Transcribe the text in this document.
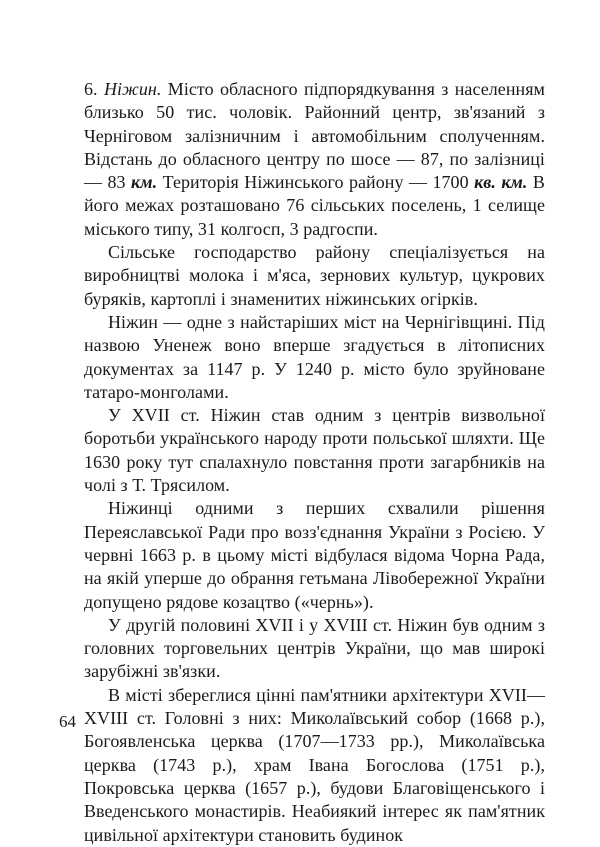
6. Ніжин. Місто обласного підпорядкування з населенням близько 50 тис. чоловік. Районний центр, зв'язаний з Черніговом залізничним і автомобільним сполученням. Відстань до обласного центру по шосе — 87, по залізниці — 83 км. Територія Ніжинського району — 1700 кв. км. В його межах розташовано 76 сільських поселень, 1 селище міського типу, 31 колгосп, 3 радгоспи.

Сільське господарство району спеціалізується на виробництві молока і м'яса, зернових культур, цукрових буряків, картоплі і знаменитих ніжинських огірків.

Ніжин — одне з найстаріших міст на Чернігівщині. Під назвою Уненеж воно вперше згадується в літописних документах за 1147 р. У 1240 р. місто було зруйноване татаро-монголами.

У XVII ст. Ніжин став одним з центрів визвольної боротьби українського народу проти польської шляхти. Ще 1630 року тут спалахнуло повстання проти загарбників на чолі з Т. Трясилом.

Ніжинці одними з перших схвалили рішення Переяславської Ради про возз'єднання України з Росією. У червні 1663 р. в цьому місті відбулася відома Чорна Рада, на якій уперше до обрання гетьмана Лівобережної України допущено рядове козацтво («чернь»).

У другій половині XVII і у XVIII ст. Ніжин був одним з головних торговельних центрів України, що мав широкі зарубіжні зв'язки.

В місті збереглися цінні пам'ятники архітектури XVII—XVIII ст. Головні з них: Миколаївський собор (1668 р.), Богоявленська церква (1707—1733 рр.), Миколаївська церква (1743 р.), храм Івана Богослова (1751 р.), Покровська церква (1657 р.), будови Благовіщенського і Введенського монастирів. Неабиякий інтерес як пам'ятник цивільної архітектури становить будинок

64
